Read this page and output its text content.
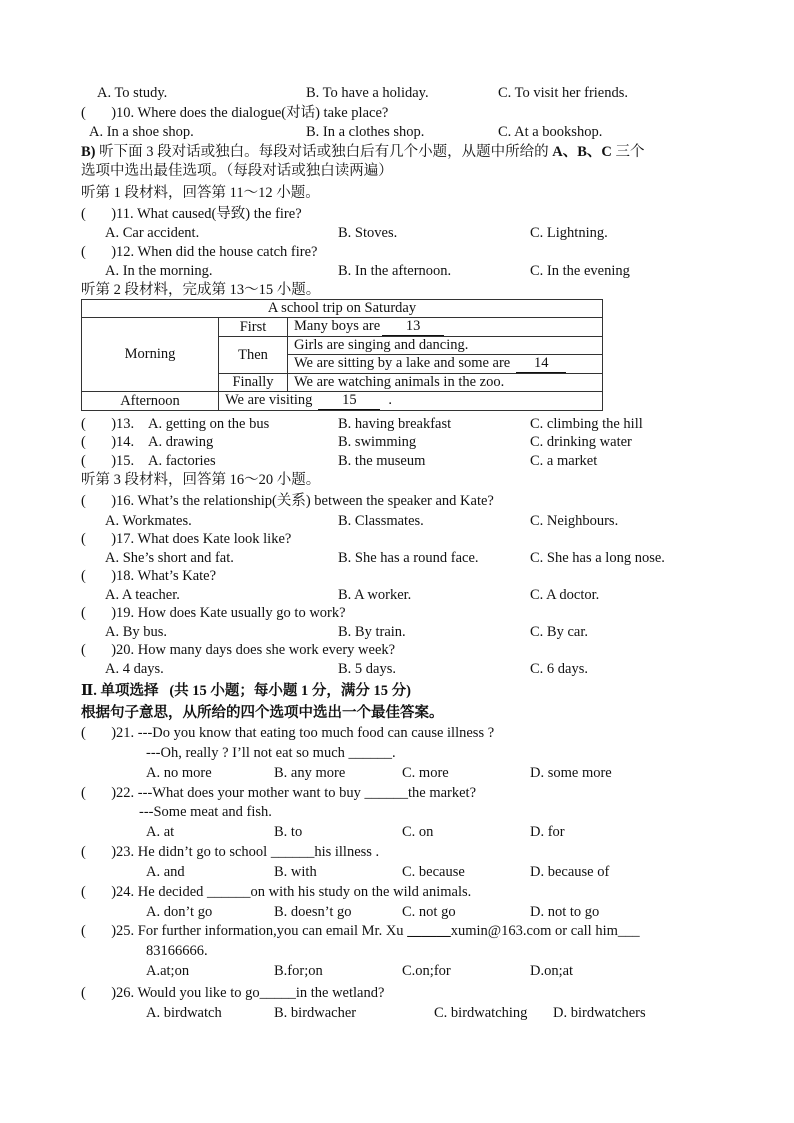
A. To study.	B. To have a holiday.	C. To visit her friends.
(       )10. Where does the dialogue(对话) take place?
A. In a shoe shop.	B. In a clothes shop.	C. At a bookshop.
B) 听下面 3 段对话或独白。每段对话或独白后有几个小题，从题中所给的 A、B、C 三个
选项中选出最佳选项。（每段对话或独白读两遍）
听第 1 段材料，回答第 11～12 小题。
(       )11. What caused(导致) the fire?
A. Car accident.	B. Stoves.	C. Lightning.
(       )12. When did the house catch fire?
A. In the morning.	B. In the afternoon.	C. In the evening
听第 2 段材料，完成第 13～15 小题。
A school trip on Saturday		
Morning	First	Many boys are 13
	Then	Girls are singing and dancing.
		We are sitting by a lake and some are 14
	Finally	We are watching animals in the zoo.
Afternoon	We are visiting 15 .	
(       )13. A. getting on the bus	B. having breakfast	C. climbing the hill
(       )14. A. drawing	B. swimming	C. drinking water
(       )15. A. factories	B. the museum	C. a market
听第 3 段材料，回答第 16～20 小题。
(       )16. What’s the relationship(关系) between the speaker and Kate?
A. Workmates.	B. Classmates.	C. Neighbours.
(       )17. What does Kate look like?
A. She’s short and fat.	B. She has a round face.	C. She has a long nose.
(       )18. What’s Kate?
A. A teacher.	B. A worker.	C. A doctor.
(       )19. How does Kate usually go to work?
A. By bus.	B. By train.	C. By car.
(       )20. How many days does she work every week?
A. 4 days.	B. 5 days.	C. 6 days.
Ⅱ. 单项选择   (共 15 小题；每小题 1 分，满分 15 分)
根据句子意思，从所给的四个选项中选出一个最佳答案。
(       )21. ---Do you know that eating too much food can cause illness ?
---Oh, really ? I’ll not eat so much ______.
A. no more	B. any more	C. more	D. some more
(       )22. ---What does your mother want to buy ______the market?
---Some meat and fish.
A. at	B. to	C. on	D. for
(       )23. He didn’t go to school ______his illness .
A. and	B. with	C. because	D. because of
(       )24. He decided ______on with his study on the wild animals.
A. don’t go	B. doesn’t go	C. not go	D. not to go
(       )25. For further information,you can email Mr. Xu ______xumin@163.com or call him___
83166666.
A.at;on	B.for;on	C.on;for	D.on;at
(       )26. Would you like to go_____in the wetland?
A. birdwatch	B. birdwacher	C. birdwatching D. birdwatchers
